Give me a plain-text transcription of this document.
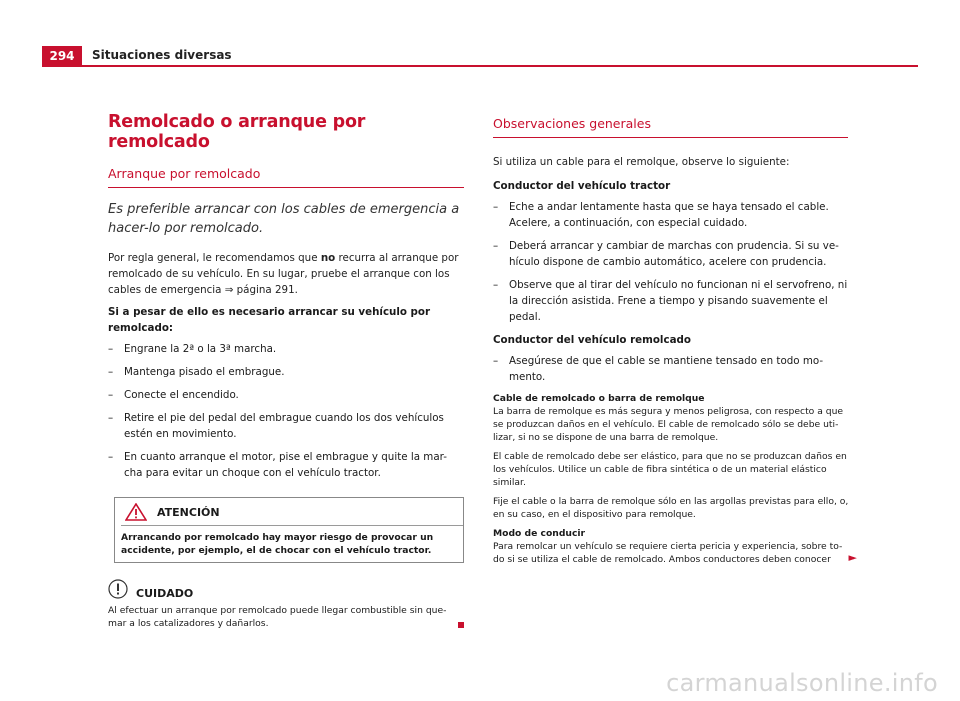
294	Situaciones diversas
Remolcado o arranque por remolcado
Arranque por remolcado

Es preferible arrancar con los cables de emergencia a hacer-lo por remolcado.

Por regla general, le recomendamos que no recurra al arranque por remolcado de su vehículo. En su lugar, pruebe el arranque con los cables de emergencia ⇒ página 291.

Si a pesar de ello es necesario arrancar su vehículo por remolcado:

– Engrane la 2ª o la 3ª marcha.
– Mantenga pisado el embrague.
– Conecte el encendido.
– Retire el pie del pedal del embrague cuando los dos vehículos estén en movimiento.
– En cuanto arranque el motor, pise el embrague y quite la mar-cha para evitar un choque con el vehículo tractor.
ATENCIÓN
Arrancando por remolcado hay mayor riesgo de provocar un accidente, por ejemplo, el de chocar con el vehículo tractor.
CUIDADO
Al efectuar un arranque por remolcado puede llegar combustible sin que-mar a los catalizadores y dañarlos.
Observaciones generales

Si utiliza un cable para el remolque, observe lo siguiente:

Conductor del vehículo tractor

– Eche a andar lentamente hasta que se haya tensado el cable. Acelere, a continuación, con especial cuidado.
– Deberá arrancar y cambiar de marchas con prudencia. Si su ve-hículo dispone de cambio automático, acelere con prudencia.
– Observe que al tirar del vehículo no funcionan ni el servofreno, ni la dirección asistida. Frene a tiempo y pisando suavemente el pedal.

Conductor del vehículo remolcado

– Asegúrese de que el cable se mantiene tensado en todo mo-mento.

Cable de remolcado o barra de remolque

La barra de remolque es más segura y menos peligrosa, con respecto a que se produzcan daños en el vehículo. El cable de remolcado sólo se debe uti-lizar, si no se dispone de una barra de remolque.

El cable de remolcado debe ser elástico, para que no se produzcan daños en los vehículos. Utilice un cable de fibra sintética o de un material elástico similar.

Fije el cable o la barra de remolque sólo en las argollas previstas para ello, o, en su caso, en el dispositivo para remolque.

Modo de conducir

Para remolcar un vehículo se requiere cierta pericia y experiencia, sobre to-do si se utiliza el cable de remolcado. Ambos conductores deben conocer ►

carmanualsonline.info
